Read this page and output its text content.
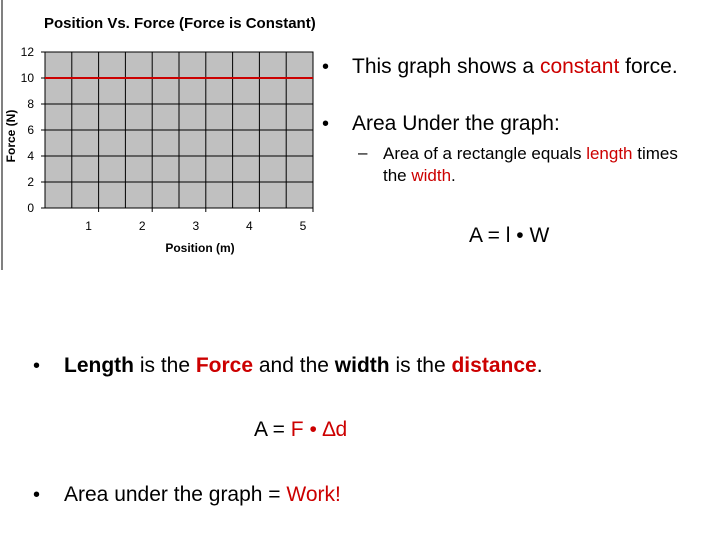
Position Vs. Force (Force is Constant)
0
2
4
6
8
10
12
1	2	3	4	5
Force (N)
Position (m)
• This graph shows a constant force.
• Area Under the graph:
– Area of a rectangle equals length times the width.
A = l • W
• Length is the Force and the width is the distance.
A = F • ∆d
• Area under the graph = Work!
